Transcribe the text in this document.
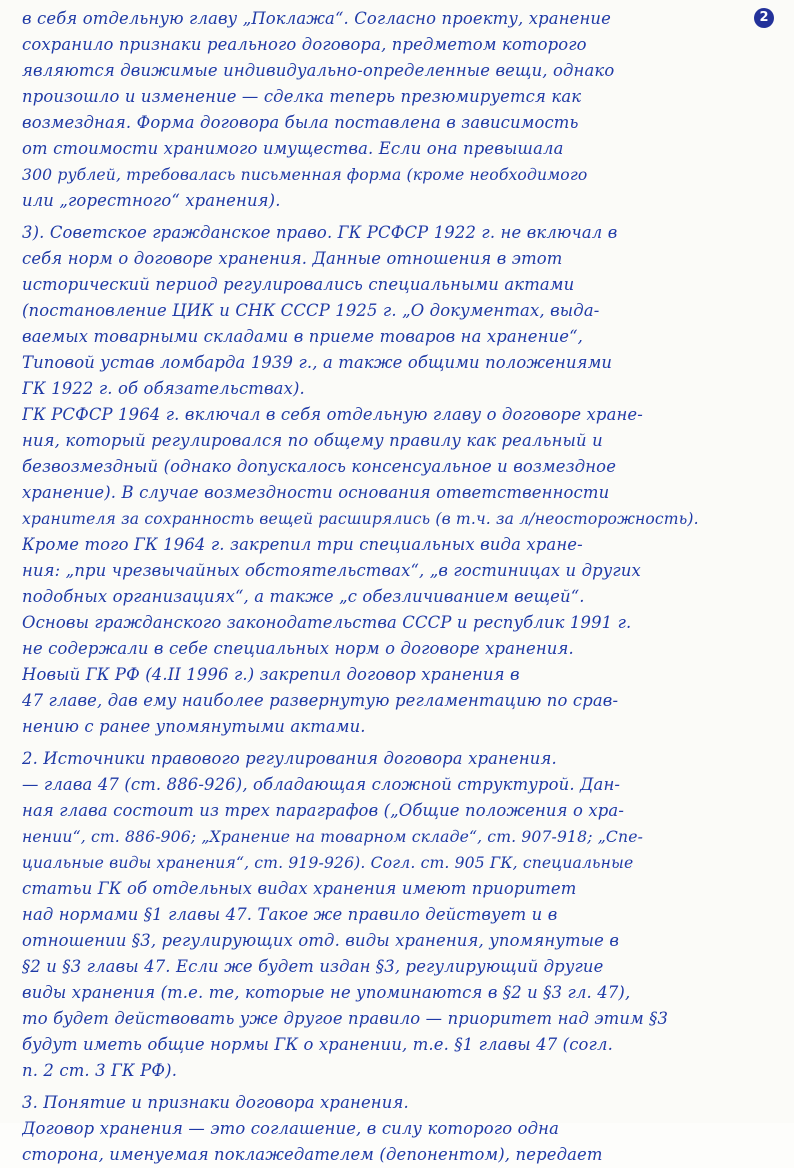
2
в себя отдельную главу „Поклажа“. Согласно проекту, хранение
сохранило признаки реального договора, предметом которого
являются движимые индивидуально-определенные вещи, однако
произошло и изменение — сделка теперь презюмируется как
возмездная. Форма договора была поставлена в зависимость
от стоимости хранимого имущества. Если она превышала
300 рублей, требовалась письменная форма (кроме необходимого
или „горестного“ хранения).
3). Советское гражданское право. ГК РСФСР 1922 г. не включал в
себя норм о договоре хранения. Данные отношения в этот
исторический период регулировались специальными актами
(постановление ЦИК и СНК СССР 1925 г. „О документах, выда-
ваемых товарными складами в приеме товаров на хранение“,
Типовой устав ломбарда 1939 г., а также общими положениями
ГК 1922 г. об обязательствах).
ГК РСФСР 1964 г. включал в себя отдельную главу о договоре хране-
ния, который регулировался по общему правилу как реальный и
безвозмездный (однако допускалось консенсуальное и возмездное
хранение). В случае возмездности основания ответственности
хранителя за сохранность вещей расширялись (в т.ч. за л/неосторожность).
Кроме того ГК 1964 г. закрепил три специальных вида хране-
ния: „при чрезвычайных обстоятельствах“, „в гостиницах и других
подобных организациях“, а также „с обезличиванием вещей“.
Основы гражданского законодательства СССР и республик 1991 г.
не содержали в себе специальных норм о договоре хранения.
Новый ГК РФ (4.II 1996 г.) закрепил договор хранения в
47 главе, дав ему наиболее развернутую регламентацию по срав-
нению с ранее упомянутыми актами.
2. Источники правового регулирования договора хранения.
— глава 47 (ст. 886-926), обладающая сложной структурой. Дан-
ная глава состоит из трех параграфов („Общие положения о хра-
нении“, ст. 886-906; „Хранение на товарном складе“, ст. 907-918; „Спе-
циальные виды хранения“, ст. 919-926). Согл. ст. 905 ГК, специальные
статьи ГК об отдельных видах хранения имеют приоритет
над нормами §1 главы 47. Такое же правило действует и в
отношении §3, регулирующих отд. виды хранения, упомянутые в
§2 и §3 главы 47. Если же будет издан §3, регулирующий другие
виды хранения (т.е. те, которые не упоминаются в §2 и §3 гл. 47),
то будет действовать уже другое правило — приоритет над этим §3
будут иметь общие нормы ГК о хранении, т.е. §1 главы 47 (согл.
п. 2 ст. 3 ГК РФ).
3. Понятие и признаки договора хранения.
Договор хранения — это соглашение, в силу которого одна
сторона, именуемая поклажедателем (депонентом), передает
